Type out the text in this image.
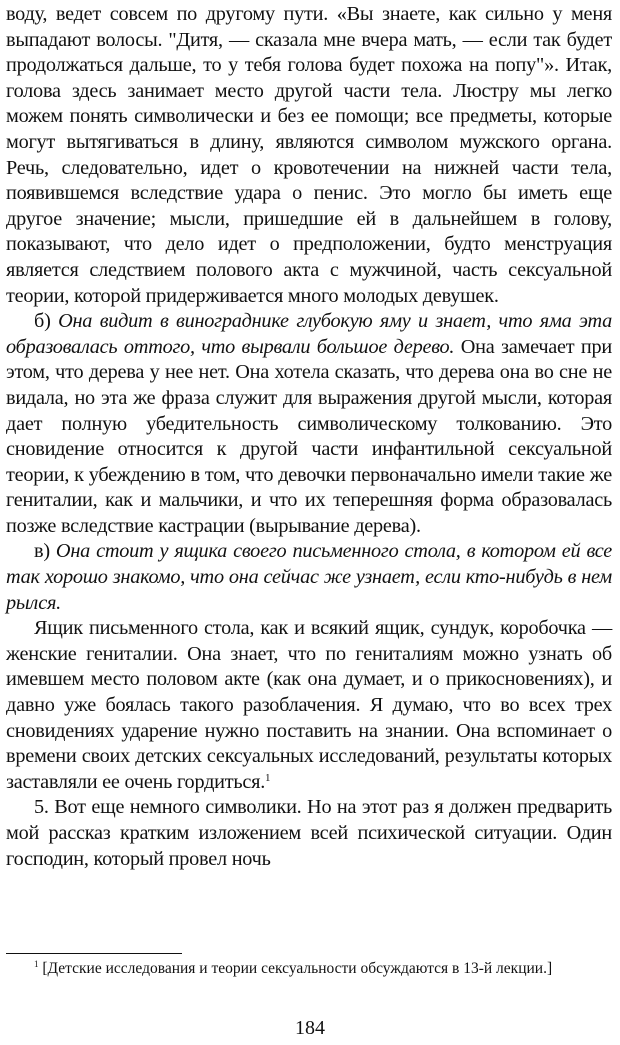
воду, ведет совсем по другому пути. «Вы знаете, как сильно у меня выпадают волосы. "Дитя, — сказала мне вчера мать, — если так будет продолжаться дальше, то у тебя голова будет похожа на попу"». Итак, голова здесь занимает место другой части тела. Люстру мы легко можем понять символически и без ее помощи; все предметы, которые могут вытягиваться в длину, являются символом мужского органа. Речь, следовательно, идет о кровотечении на нижней части тела, появившемся вследствие удара о пенис. Это могло бы иметь еще другое значение; мысли, пришедшие ей в дальнейшем в голову, показывают, что дело идет о предположении, будто менструация является следствием полового акта с мужчиной, часть сексуальной теории, которой придерживается много молодых девушек.

б) Она видит в винограднике глубокую яму и знает, что яма эта образовалась оттого, что вырвали большое дерево. Она замечает при этом, что дерева у нее нет. Она хотела сказать, что дерева она во сне не видала, но эта же фраза служит для выражения другой мысли, которая дает полную убедительность символическому толкованию. Это сновидение относится к другой части инфантильной сексуальной теории, к убеждению в том, что девочки первоначально имели такие же гениталии, как и мальчики, и что их теперешняя форма образовалась позже вследствие кастрации (вырывание дерева).

в) Она стоит у ящика своего письменного стола, в котором ей все так хорошо знакомо, что она сейчас же узнает, если кто-нибудь в нем рылся.

Ящик письменного стола, как и всякий ящик, сундук, коробочка — женские гениталии. Она знает, что по гениталиям можно узнать об имевшем место половом акте (как она думает, и о прикосновениях), и давно уже боялась такого разоблачения. Я думаю, что во всех трех сновидениях ударение нужно поставить на знании. Она вспоминает о времени своих детских сексуальных исследований, результаты которых заставляли ее очень гордиться.$^1$

5. Вот еще немного символики. Но на этот раз я должен предварить мой рассказ кратким изложением всей психической ситуации. Один господин, который провел ночь

$^1$ [Детские исследования и теории сексуальности обсуждаются в 13-й лекции.]
184
